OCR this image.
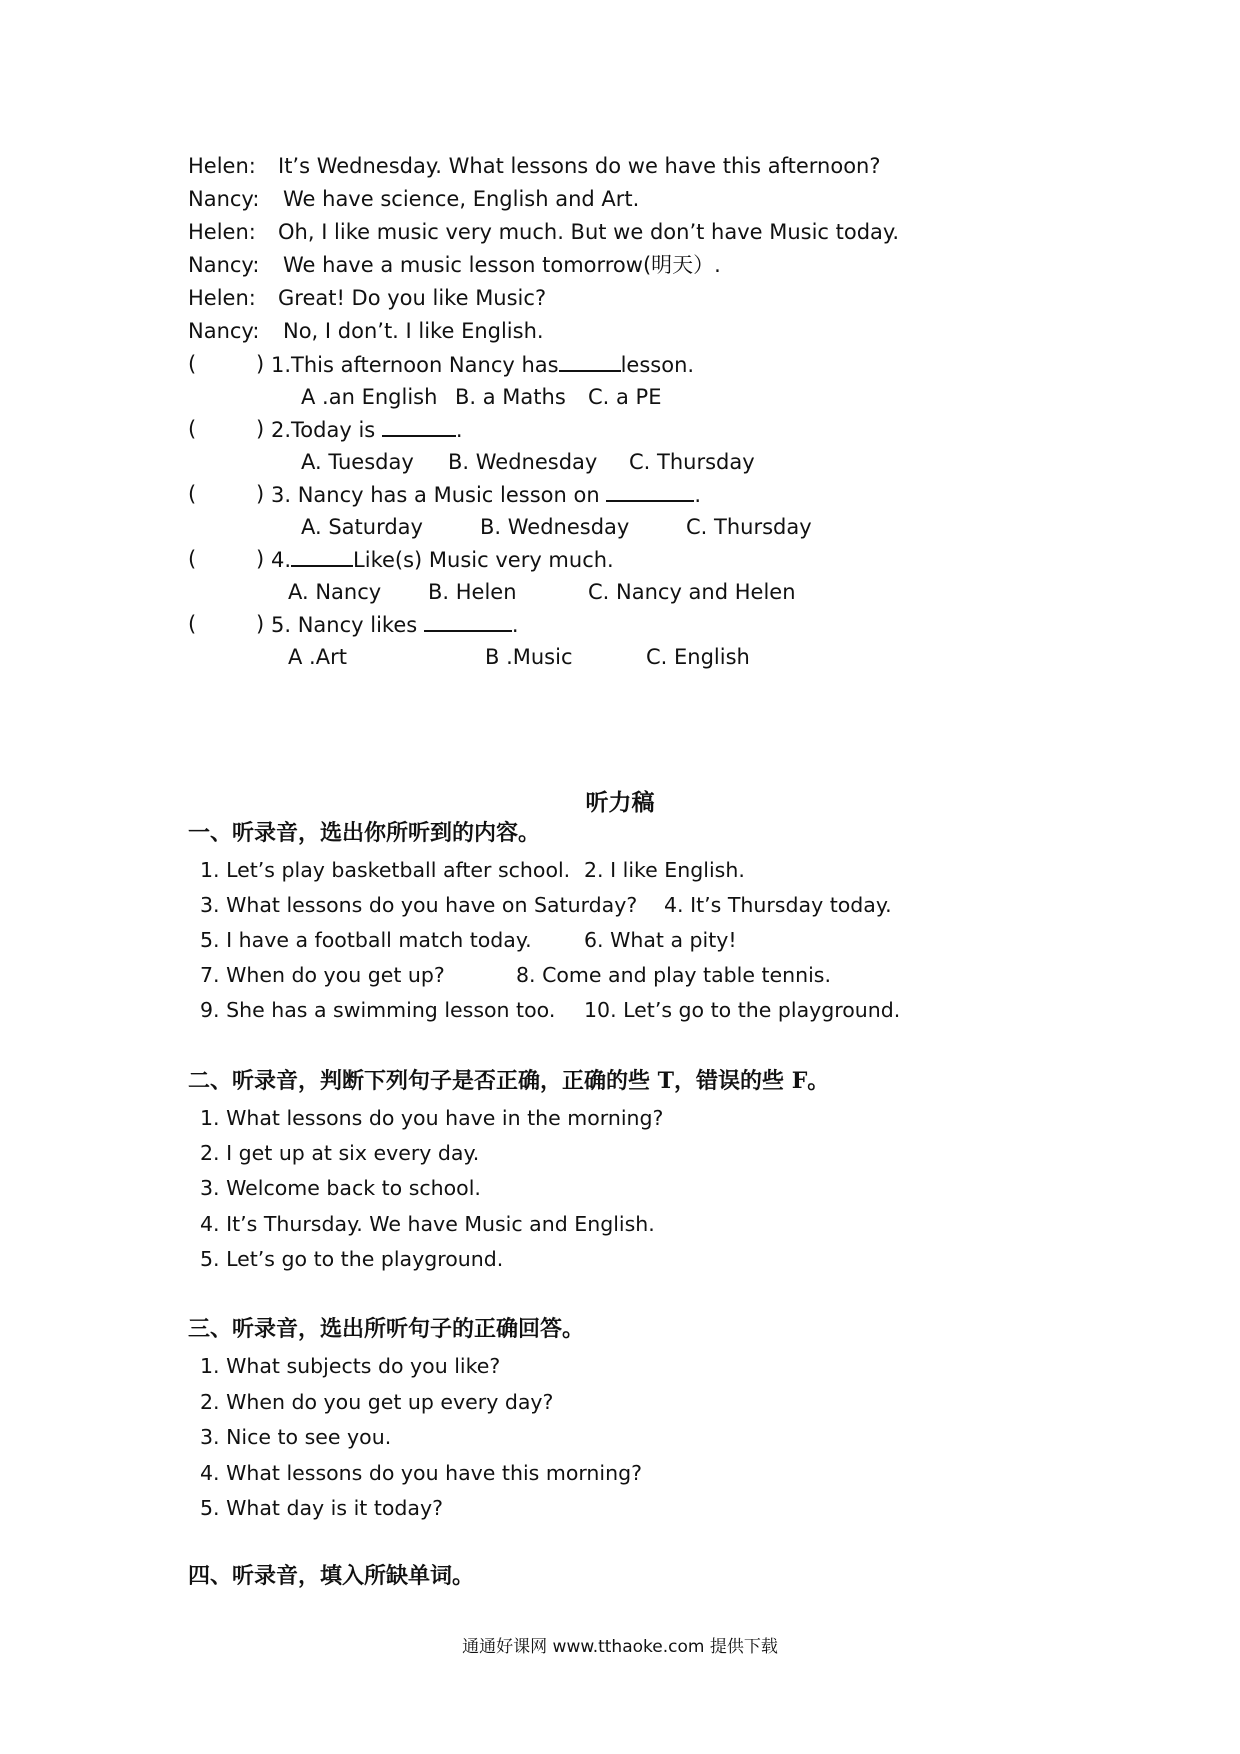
Helen: It’s Wednesday. What lessons do we have this afternoon?
Nancy: We have science, English and Art.
Helen: Oh, I like music very much. But we don’t have Music today.
Nancy: We have a music lesson tomorrow(明天）.
Helen: Great! Do you like Music?
Nancy: No, I don’t. I like English.
(	) 1.This afternoon Nancy has	lesson.
A .an English B. a Maths C. a PE
(	) 2.Today is	.
A. Tuesday B. Wednesday C. Thursday
(	) 3. Nancy has a Music lesson on	.
A. Saturday	B. Wednesday	C. Thursday
(	) 4.	Like(s) Music very much.
A. Nancy B. Helen	C. Nancy and Helen
(	) 5. Nancy likes	.
A .Art	B .Music	C. English
听力稿
一、听录音，选出你所听到的内容。
1. Let’s play basketball after school. 2. I like English.
3. What lessons do you have on Saturday? 4. It’s Thursday today.
5. I have a football match today.	6. What a pity!
7. When do you get up?	8. Come and play table tennis.
9. She has a swimming lesson too. 10. Let’s go to the playground.
二、听录音，判断下列句子是否正确，正确的些 T，错误的些 F。
1. What lessons do you have in the morning?
2. I get up at six every day.
3. Welcome back to school.
4. It’s Thursday. We have Music and English.
5. Let’s go to the playground.
三、听录音，选出所听句子的正确回答。
1. What subjects do you like?
2. When do you get up every day?
3. Nice to see you.
4. What lessons do you have this morning?
5. What day is it today?
四、听录音，填入所缺单词。
通通好课网 www.tthaoke.com 提供下载
